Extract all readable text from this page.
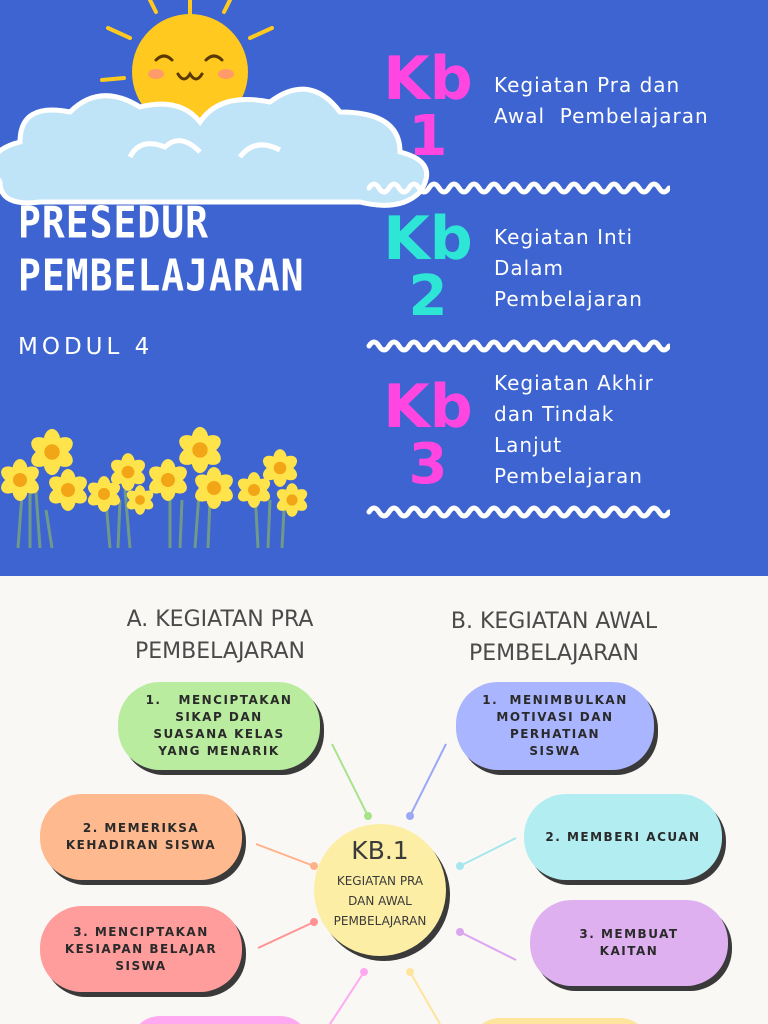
PRESEDUR
PEMBELAJARAN
MODUL 4
Kb
1
Kegiatan Pra dan
Awal  Pembelajaran
Kb
2
Kegiatan Inti
Dalam
Pembelajaran
Kb
3
Kegiatan Akhir
dan Tindak
Lanjut
Pembelajaran
A. KEGIATAN PRA
PEMBELAJARAN
B. KEGIATAN AWAL
PEMBELAJARAN
1.   MENCIPTAKAN
SIKAP DAN
SUASANA KELAS
YANG MENARIK
2. MEMERIKSA
KEHADIRAN SISWA
3. MENCIPTAKAN
KESIAPAN BELAJAR
SISWA
1.  MENIMBULKAN
MOTIVASI DAN
PERHATIAN
SISWA
2. MEMBERI ACUAN
3. MEMBUAT
KAITAN
KB.1
KEGIATAN PRA
DAN AWAL
PEMBELAJARAN
